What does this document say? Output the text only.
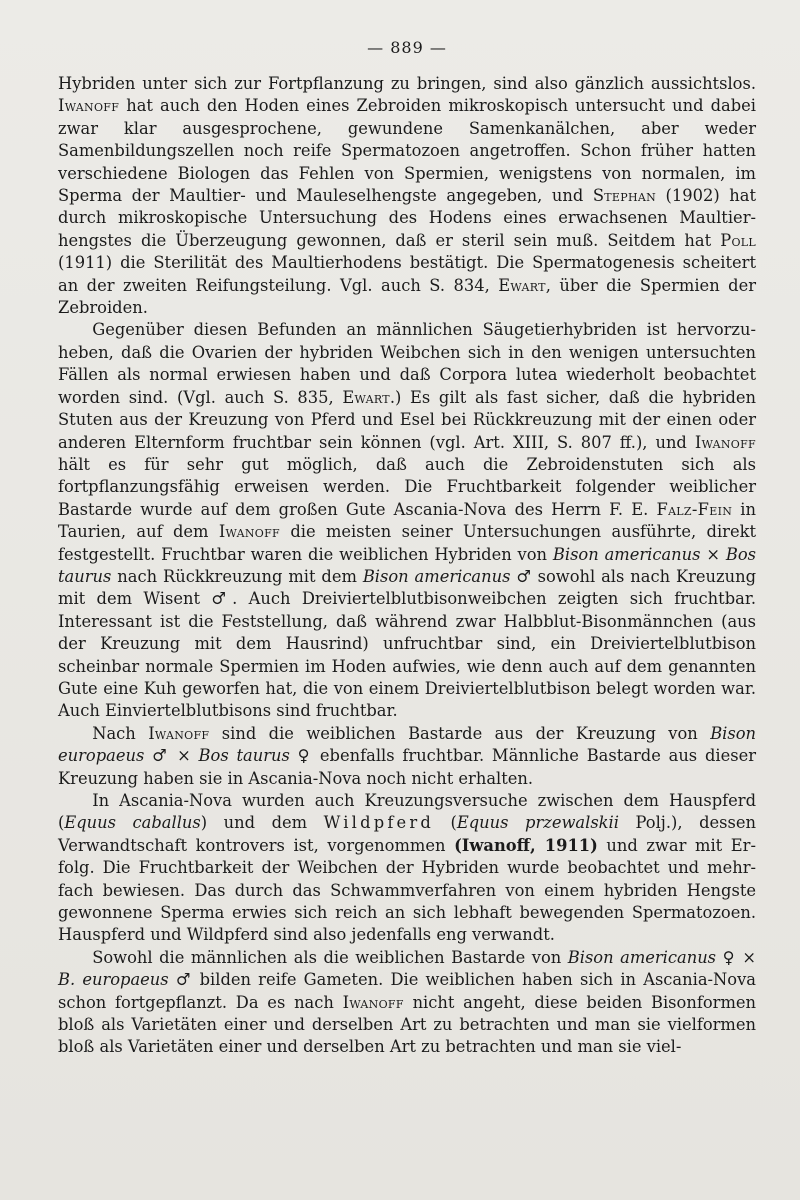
— 889 —

Hybriden unter sich zur Fortpflanzung zu bringen, sind also gänzlich aussichtslos. Iwanoff hat auch den Hoden eines Zebroiden mikroskopisch untersucht und dabei zwar klar ausgesprochene, gewundene Samenkanälchen, aber weder Samenbildungszellen noch reife Spermatozoen angetroffen. Schon früher hatten verschiedene Biologen das Fehlen von Spermien, wenigstens von normalen, im Sperma der Maultier- und Mauleselhengste angegeben, und Stephan (1902) hat durch mikroskopische Untersuchung des Hodens eines erwachsenen Maultierhengstes die Überzeugung gewonnen, daß er steril sein muß. Seitdem hat Poll (1911) die Sterilität des Maultierhodens bestätigt. Die Spermatogenesis scheitert an der zweiten Reifungsteilung. Vgl. auch S. 834, Ewart, über die Spermien der Zebroiden.

Gegenüber diesen Befunden an männlichen Säugetierhybriden ist hervorzuheben, daß die Ovarien der hybriden Weibchen sich in den wenigen untersuchten Fällen als normal erwiesen haben und daß Corpora lutea wiederholt beobachtet worden sind. (Vgl. auch S. 835, Ewart.) Es gilt als fast sicher, daß die hybriden Stuten aus der Kreuzung von Pferd und Esel bei Rückkreuzung mit der einen oder anderen Elternform fruchtbar sein können (vgl. Art. XIII, S. 807 ff.), und Iwanoff hält es für sehr gut möglich, daß auch die Zebroidenstuten sich als fortpflanzungsfähig erweisen werden. Die Fruchtbarkeit folgender weiblicher Bastarde wurde auf dem großen Gute Ascania-Nova des Herrn F. E. Falz-Fein in Taurien, auf dem Iwanoff die meisten seiner Untersuchungen ausführte, direkt festgestellt. Fruchtbar waren die weiblichen Hybriden von Bison americanus × Bos taurus nach Rückkreuzung mit dem Bison americanus ♂ sowohl als nach Kreuzung mit dem Wisent ♂. Auch Dreiviertelblutbisonweibchen zeigten sich fruchtbar. Interessant ist die Feststellung, daß während zwar Halbblut-Bisonmännchen (aus der Kreuzung mit dem Hausrind) unfruchtbar sind, ein Dreiviertelblutbison scheinbar normale Spermien im Hoden aufwies, wie denn auch auf dem genannten Gute eine Kuh geworfen hat, die von einem Dreiviertelblutbison belegt worden war. Auch Einviertelblutbisons sind fruchtbar.

Nach Iwanoff sind die weiblichen Bastarde aus der Kreuzung von Bison europaeus ♂ × Bos taurus ♀ ebenfalls fruchtbar. Männliche Bastarde aus dieser Kreuzung haben sie in Ascania-Nova noch nicht erhalten.

In Ascania-Nova wurden auch Kreuzungsversuche zwischen dem Hauspferd (Equus caballus) und dem Wildpferd (Equus przewalskii Polj.), dessen Verwandtschaft kontrovers ist, vorgenommen (Iwanoff, 1911) und zwar mit Erfolg. Die Fruchtbarkeit der Weibchen der Hybriden wurde beobachtet und mehrfach bewiesen. Das durch das Schwammverfahren von einem hybriden Hengste gewonnene Sperma erwies sich reich an sich lebhaft bewegenden Spermatozoen. Hauspferd und Wildpferd sind also jedenfalls eng verwandt.

Sowohl die männlichen als die weiblichen Bastarde von Bison americanus ♀ × B. europaeus ♂ bilden reife Gameten. Die weiblichen haben sich in Ascania-Nova schon fortgepflanzt. Da es nach Iwanoff nicht angeht, diese beiden Bisonformen bloß als Varietäten einer und derselben Art zu betrachten und man sie vielformen bloß als Varietäten einer und derselben Art zu betrachten und man sie viel-
